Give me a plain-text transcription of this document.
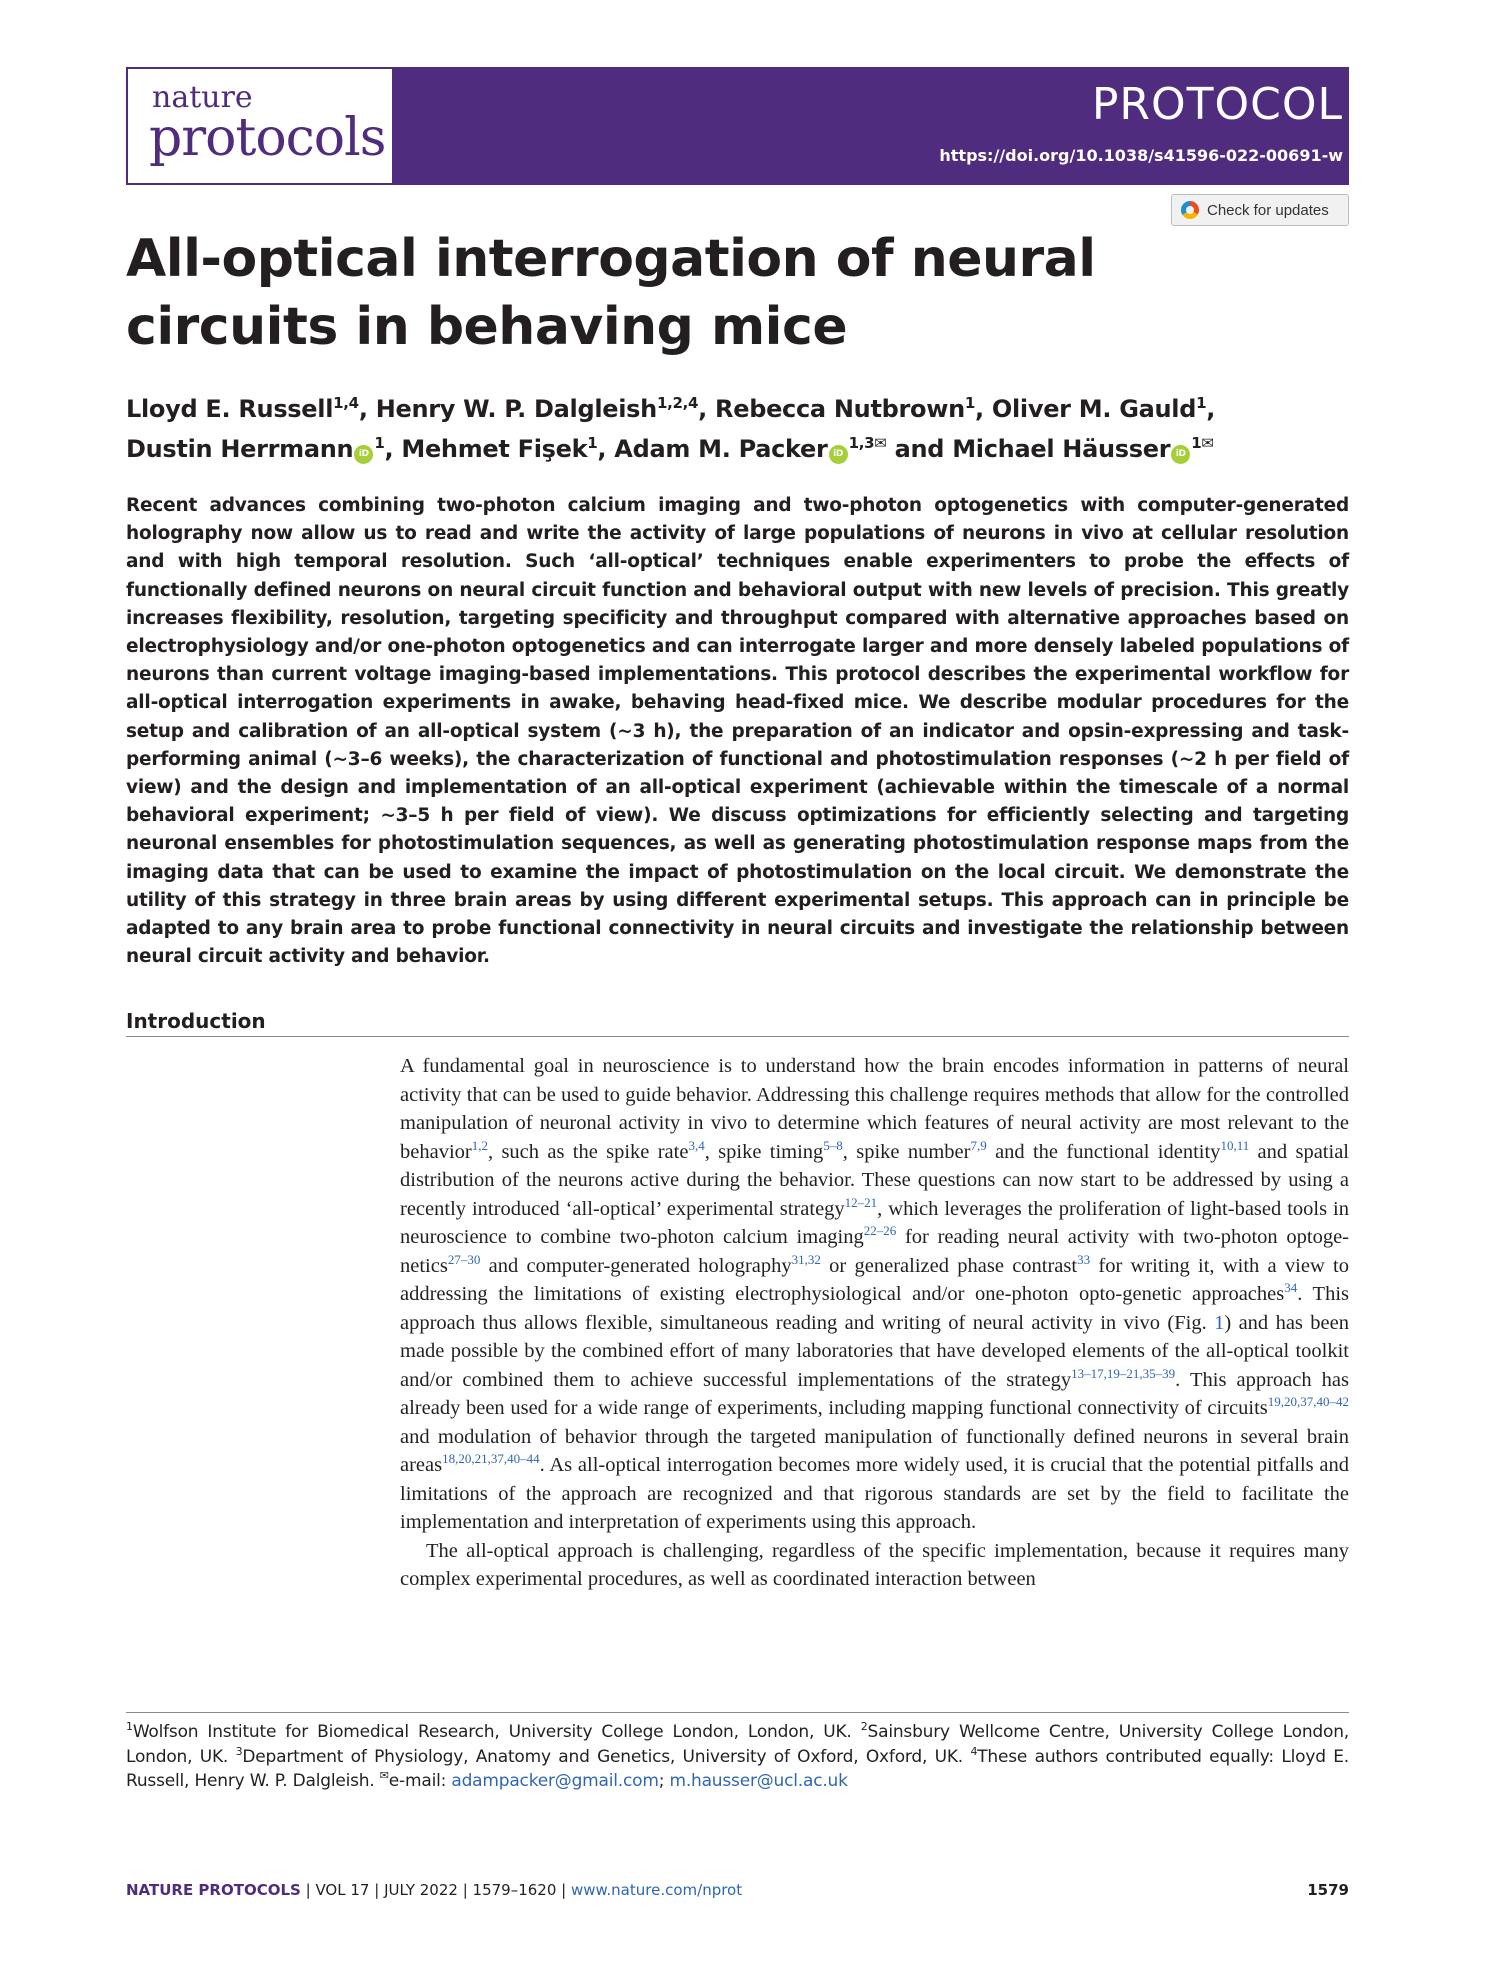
nature
protocols
PROTOCOL
https://doi.org/10.1038/s41596-022-00691-w
Check for updates
All-optical interrogation of neural circuits in behaving mice
Lloyd E. Russell$^{1,4}$, Henry W. P. Dalgleish$^{1,2,4}$, Rebecca Nutbrown$^1$, Oliver M. Gauld$^1$,
Dustin Herrmann $iD^1$, Mehmet Fişek$^1$, Adam M. Packer $iD^{1,3✉}$ and Michael Häusser $iD^{1✉}$
Recent advances combining two-photon calcium imaging and two-photon optogenetics with computer-generated holography now allow us to read and write the activity of large populations of neurons in vivo at cellular resolution and with high temporal resolution. Such ‘all-optical’ techniques enable experimenters to probe the effects of functionally defined neurons on neural circuit function and behavioral output with new levels of precision. This greatly increases flexibility, resolution, targeting specificity and throughput compared with alternative approaches based on electrophysiology and/or one-photon optogenetics and can interrogate larger and more densely labeled populations of neurons than current voltage imaging-based implementations. This protocol describes the experimental workflow for all-optical interrogation experiments in awake, behaving head-fixed mice. We describe modular procedures for the setup and calibration of an all-optical system (~3 h), the preparation of an indicator and opsin-expressing and task-performing animal (~3–6 weeks), the characterization of functional and photostimulation responses (~2 h per field of view) and the design and implementation of an all-optical experiment (achievable within the timescale of a normal behavioral experiment; ~3–5 h per field of view). We discuss optimizations for efficiently selecting and targeting neuronal ensembles for photostimulation sequences, as well as generating photostimulation response maps from the imaging data that can be used to examine the impact of photostimulation on the local circuit. We demonstrate the utility of this strategy in three brain areas by using different experimental setups. This approach can in principle be adapted to any brain area to probe functional connectivity in neural circuits and investigate the relationship between neural circuit activity and behavior.
Introduction

A fundamental goal in neuroscience is to understand how the brain encodes information in patterns of neural activity that can be used to guide behavior. Addressing this challenge requires methods that allow for the controlled manipulation of neuronal activity in vivo to determine which features of neural activity are most relevant to the behavior$^{1,2}$, such as the spike rate$^{3,4}$, spike timing$^{5-8}$, spike number$^{7,9}$ and the functional identity$^{10,11}$ and spatial distribution of the neurons active during the behavior. These questions can now start to be addressed by using a recently introduced ‘all-optical’ experimental strategy$^{12-21}$, which leverages the proliferation of light-based tools in neuroscience to combine two-photon calcium imaging$^{22-26}$ for reading neural activity with two-photon optoge-netics$^{27-30}$ and computer-generated holography$^{31,32}$ or generalized phase contrast$^{33}$ for writing it, with a view to addressing the limitations of existing electrophysiological and/or one-photon opto-genetic approaches$^{34}$. This approach thus allows flexible, simultaneous reading and writing of neural activity in vivo (Fig. 1) and has been made possible by the combined effort of many laboratories that have developed elements of the all-optical toolkit and/or combined them to achieve successful implementations of the strategy$^{13-17,19-21,35-39}$. This approach has already been used for a wide range of experiments, including mapping functional connectivity of circuits$^{19,20,37,40-42}$ and modulation of behavior through the targeted manipulation of functionally defined neurons in several brain areas$^{18,20,21,37,40-44}$. As all-optical interrogation becomes more widely used, it is crucial that the potential pitfalls and limitations of the approach are recognized and that rigorous standards are set by the field to facilitate the implementation and interpretation of experiments using this approach.

The all-optical approach is challenging, regardless of the specific implementation, because it requires many complex experimental procedures, as well as coordinated interaction between

$^1$Wolfson Institute for Biomedical Research, University College London, London, UK. $^2$Sainsbury Wellcome Centre, University College London, London, UK. $^3$Department of Physiology, Anatomy and Genetics, University of Oxford, Oxford, UK. $^4$These authors contributed equally: Lloyd E. Russell, Henry W. P. Dalgleish. ✉e-mail: adampacker@gmail.com; m.hausser@ucl.ac.uk
NATURE PROTOCOLS | VOL 17 | JULY 2022 | 1579–1620 | www.nature.com/nprot	1579
